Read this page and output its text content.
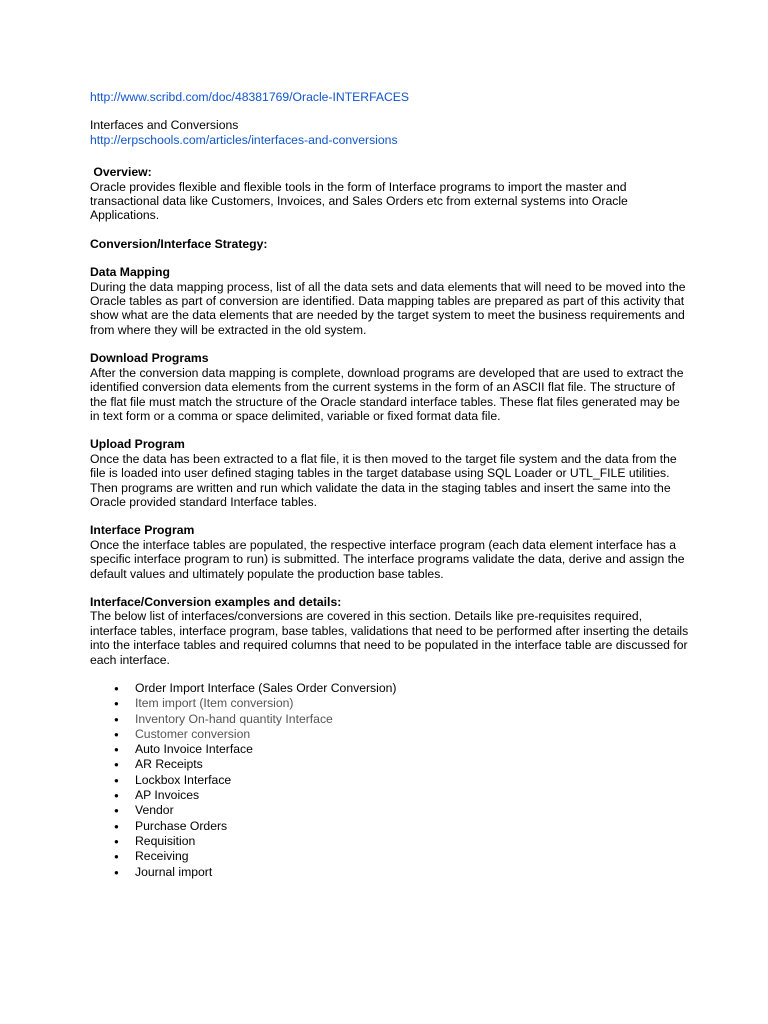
http://www.scribd.com/doc/48381769/Oracle-INTERFACES
Interfaces and Conversions
http://erpschools.com/articles/interfaces-and-conversions
Overview:
Oracle provides flexible and flexible tools in the form of Interface programs to import the master and transactional data like Customers, Invoices, and Sales Orders etc from external systems into Oracle Applications.
Conversion/Interface Strategy:
Data Mapping
During the data mapping process, list of all the data sets and data elements that will need to be moved into the Oracle tables as part of conversion are identified. Data mapping tables are prepared as part of this activity that show what are the data elements that are needed by the target system to meet the business requirements and from where they will be extracted in the old system.
Download Programs
After the conversion data mapping is complete, download programs are developed that are used to extract the identified conversion data elements from the current systems in the form of an ASCII flat file. The structure of the flat file must match the structure of the Oracle standard interface tables. These flat files generated may be in text form or a comma or space delimited, variable or fixed format data file.
Upload Program
Once the data has been extracted to a flat file, it is then moved to the target file system and the data from the file is loaded into user defined staging tables in the target database using SQL Loader or UTL_FILE utilities. Then programs are written and run which validate the data in the staging tables and insert the same into the Oracle provided standard Interface tables.
Interface Program
Once the interface tables are populated, the respective interface program (each data element interface has a specific interface program to run) is submitted. The interface programs validate the data, derive and assign the default values and ultimately populate the production base tables.
Interface/Conversion examples and details:
The below list of interfaces/conversions are covered in this section. Details like pre-requisites required, interface tables, interface program, base tables, validations that need to be performed after inserting the details into the interface tables and required columns that need to be populated in the interface table are discussed for each interface.
● Order Import Interface (Sales Order Conversion)
● Item import (Item conversion)
● Inventory On-hand quantity Interface
● Customer conversion
● Auto Invoice Interface
● AR Receipts
● Lockbox Interface
● AP Invoices
● Vendor
● Purchase Orders
● Requisition
● Receiving
● Journal import
